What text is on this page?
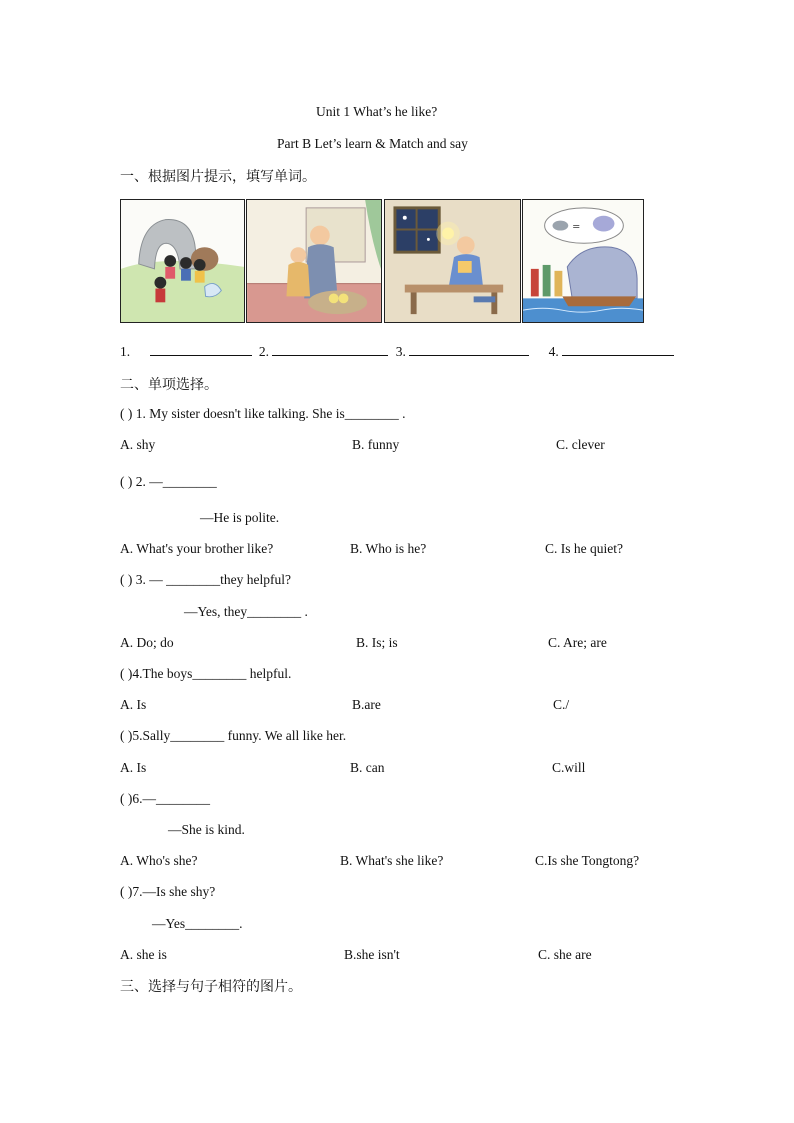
Unit 1 What’s he like?
Part B Let’s learn & Match and say
一、根据图片提示，填写单词。
=
1.	2.	3.	4.
二、单项选择。
( ) 1. My sister doesn't like talking. She is________ .
A. shy	B. funny	C. clever
( ) 2. —________
—He is polite.
A. What's your brother like?	B. Who is he?	C. Is he quiet?
( ) 3. — ________they helpful?
—Yes, they________ .
A. Do; do	B. Is; is	C. Are; are
( )4.The boys________ helpful.
A. Is	B.are	C./
( )5.Sally________ funny. We all like her.
A. Is	B. can	C.will
( )6.—________
—She is kind.
A. Who's she?	B. What's she like?	C.Is she Tongtong?
( )7.—Is she shy?
—Yes________.
A. she is	B.she isn't	C. she are
三、选择与句子相符的图片。
